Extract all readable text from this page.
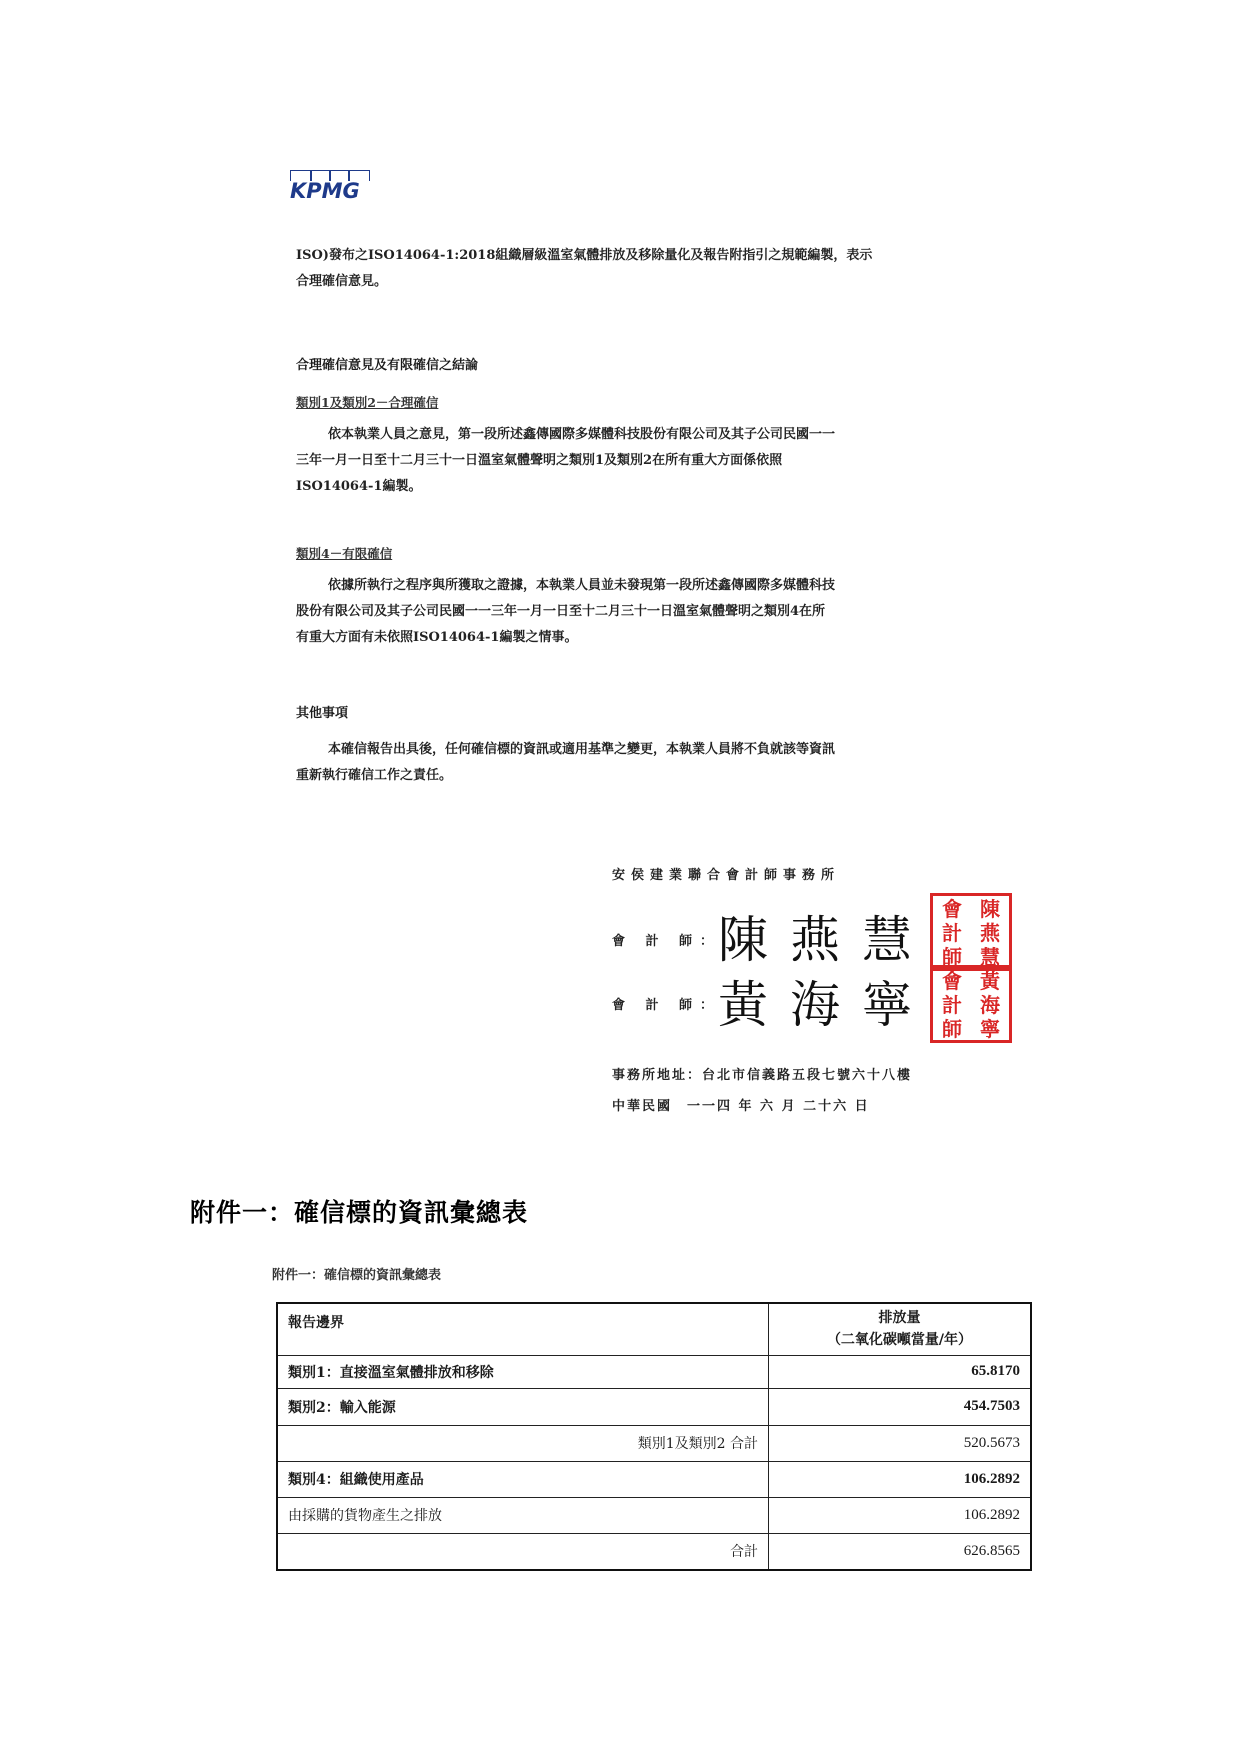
KPMG
ISO)發布之ISO14064-1:2018組織層級溫室氣體排放及移除量化及報告附指引之規範編製，表示
合理確信意見。
合理確信意見及有限確信之結論
類別1及類別2－合理確信
依本執業人員之意見，第一段所述鑫傳國際多媒體科技股份有限公司及其子公司民國一一
三年一月一日至十二月三十一日溫室氣體聲明之類別1及類別2在所有重大方面係依照
ISO14064-1編製。
類別4－有限確信
依據所執行之程序與所獲取之證據，本執業人員並未發現第一段所述鑫傳國際多媒體科技
股份有限公司及其子公司民國一一三年一月一日至十二月三十一日溫室氣體聲明之類別4在所
有重大方面有未依照ISO14064-1編製之情事。
其他事項
本確信報告出具後，任何確信標的資訊或適用基準之變更，本執業人員將不負就該等資訊
重新執行確信工作之責任。
安侯建業聯合會計師事務所
會 計 師：
陳燕慧
會 陳
計 燕
師 慧
會 計 師：
黃海寧 會 黃
計 海
師 寧
事務所地址：台北市信義路五段七號六十八樓
中華民國　一一四 年 六 月 二十六 日
附件一：確信標的資訊彙總表
附件一：確信標的資訊彙總表
報告邊界	排放量
（二氧化碳噸當量/年）

類別1：直接溫室氣體排放和移除	65.8170
類別2：輸入能源	454.7503
類別1及類別2 合計	520.5673
類別4：組織使用產品	106.2892
由採購的貨物產生之排放	106.2892
合計	626.8565
